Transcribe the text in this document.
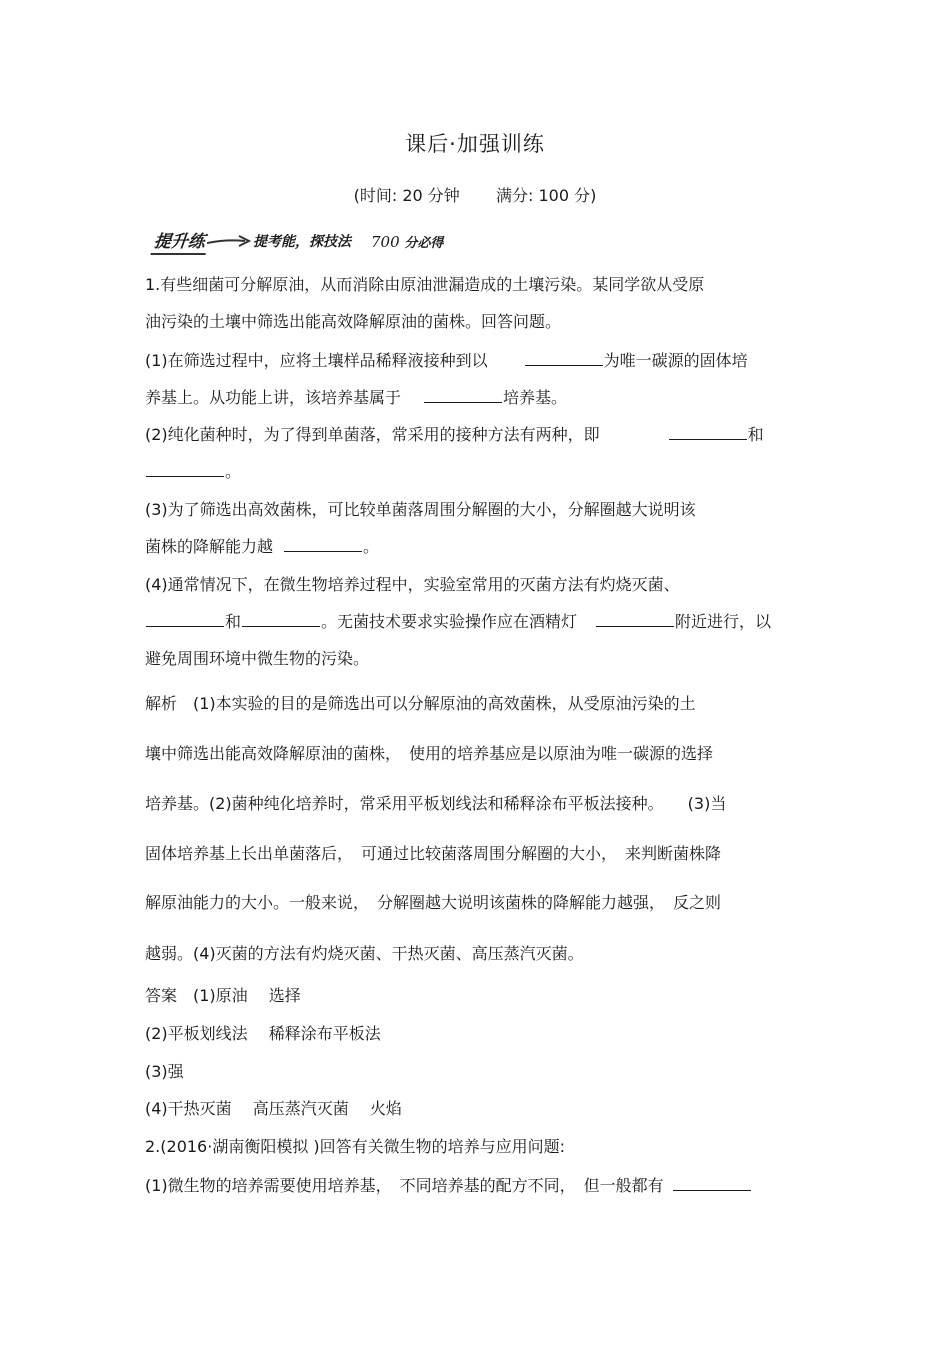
课后·加强训练
(时间: 20 分钟 满分: 100 分)
提升练	提考能，探技法 700 分必得
1.有些细菌可分解原油，从而消除由原油泄漏造成的土壤污染。某同学欲从受原
油污染的土壤中筛选出能高效降解原油的菌株。回答问题。
(1)在筛选过程中，应将土壤样品稀释液接种到以	为唯一碳源的固体培
养基上。从功能上讲，该培养基属于	培养基。
(2)纯化菌种时，为了得到单菌落，常采用的接种方法有两种，即	和
。
(3)为了筛选出高效菌株，可比较单菌落周围分解圈的大小，分解圈越大说明该
菌株的降解能力越	。
(4)通常情况下，在微生物培养过程中，实验室常用的灭菌方法有灼烧灭菌、
和	。无菌技术要求实验操作应在酒精灯	附近进行，以
避免周围环境中微生物的污染。
解析　(1)本实验的目的是筛选出可以分解原油的高效菌株，从受原油污染的土
壤中筛选出能高效降解原油的菌株，　使用的培养基应是以原油为唯一碳源的选择
培养基。(2)菌种纯化培养时，常采用平板划线法和稀释涂布平板法接种。　　(3)当
固体培养基上长出单菌落后，　可通过比较菌落周围分解圈的大小，　来判断菌株降
解原油能力的大小。一般来说，　分解圈越大说明该菌株的降解能力越强，　反之则
越弱。(4)灭菌的方法有灼烧灭菌、干热灭菌、高压蒸汽灭菌。
答案　(1)原油　 选择
(2)平板划线法　 稀释涂布平板法
(3)强
(4)干热灭菌　 高压蒸汽灭菌　 火焰
2.(2016·湖南衡阳模拟 )回答有关微生物的培养与应用问题:
(1)微生物的培养需要使用培养基，　不同培养基的配方不同，　但一般都有
